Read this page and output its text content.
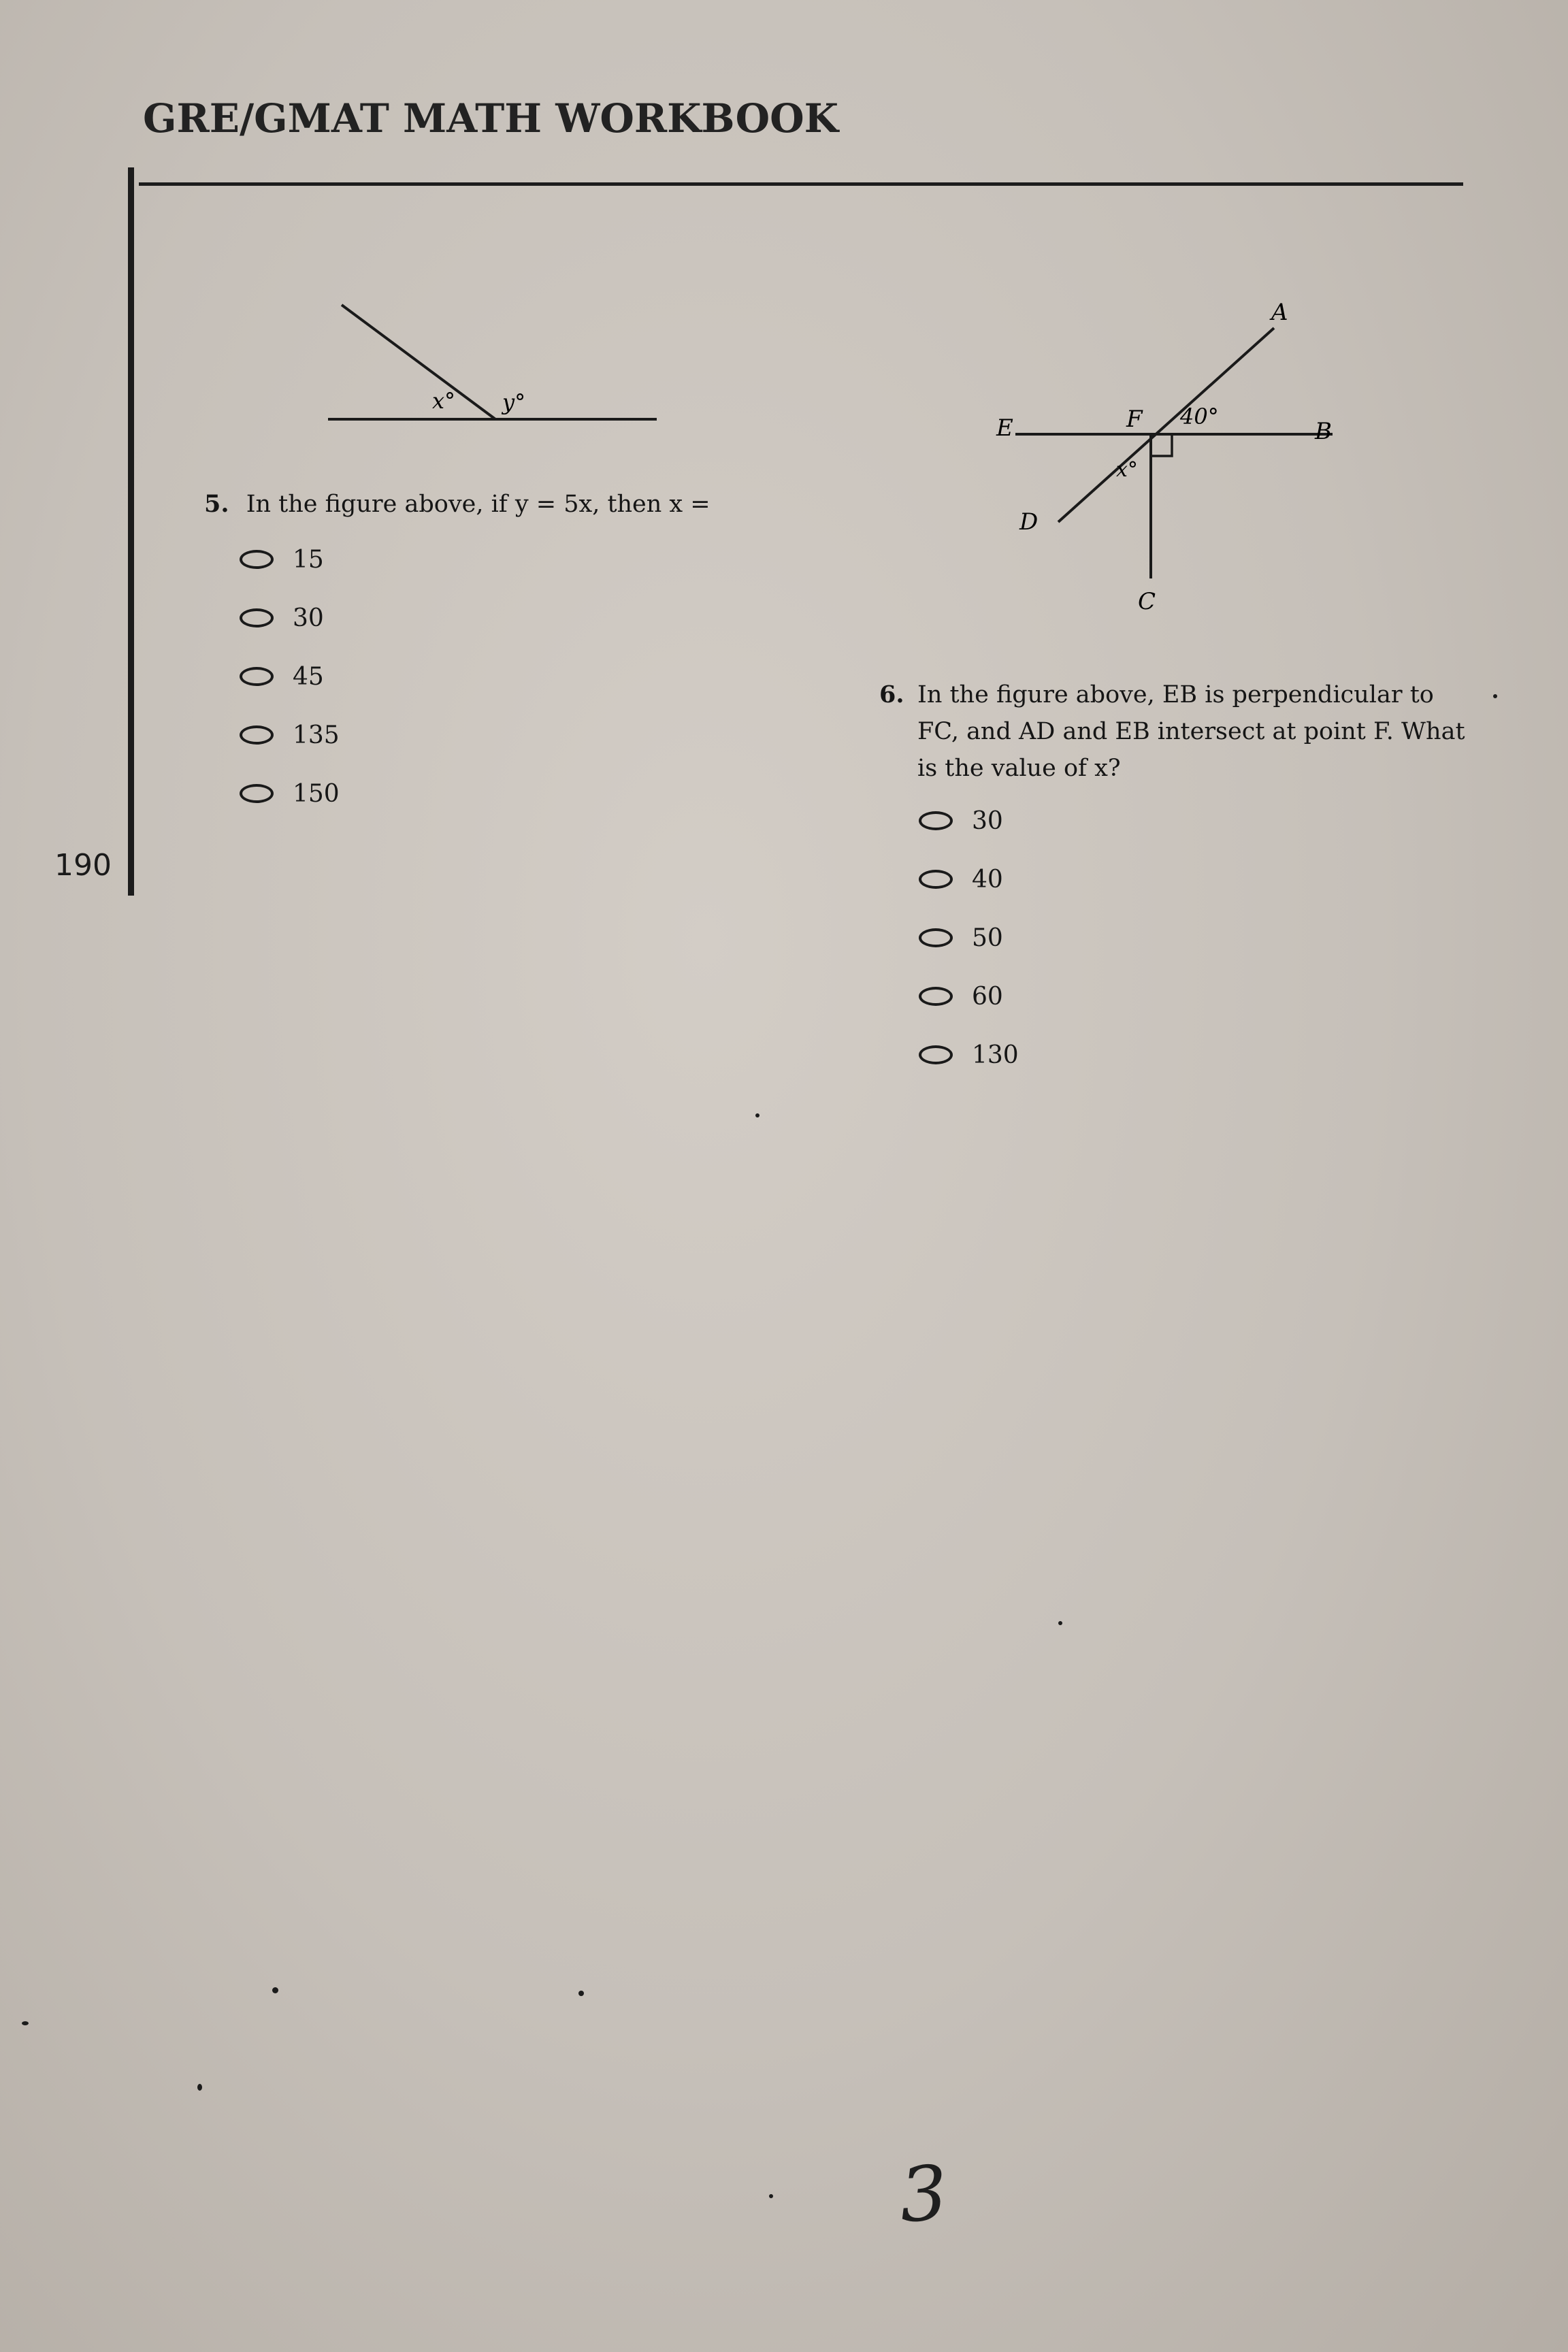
GRE/GMAT MATH WORKBOOK
190
x° y°
5. In the figure above, if y = 5x, then x =
15
30
45
135
150
A
E	F 40°
B
x°
D
C
6. In the figure above, EB is perpendicular to FC, and AD and EB intersect at point F. What is the value of x?
30
40
50
60
130
3
